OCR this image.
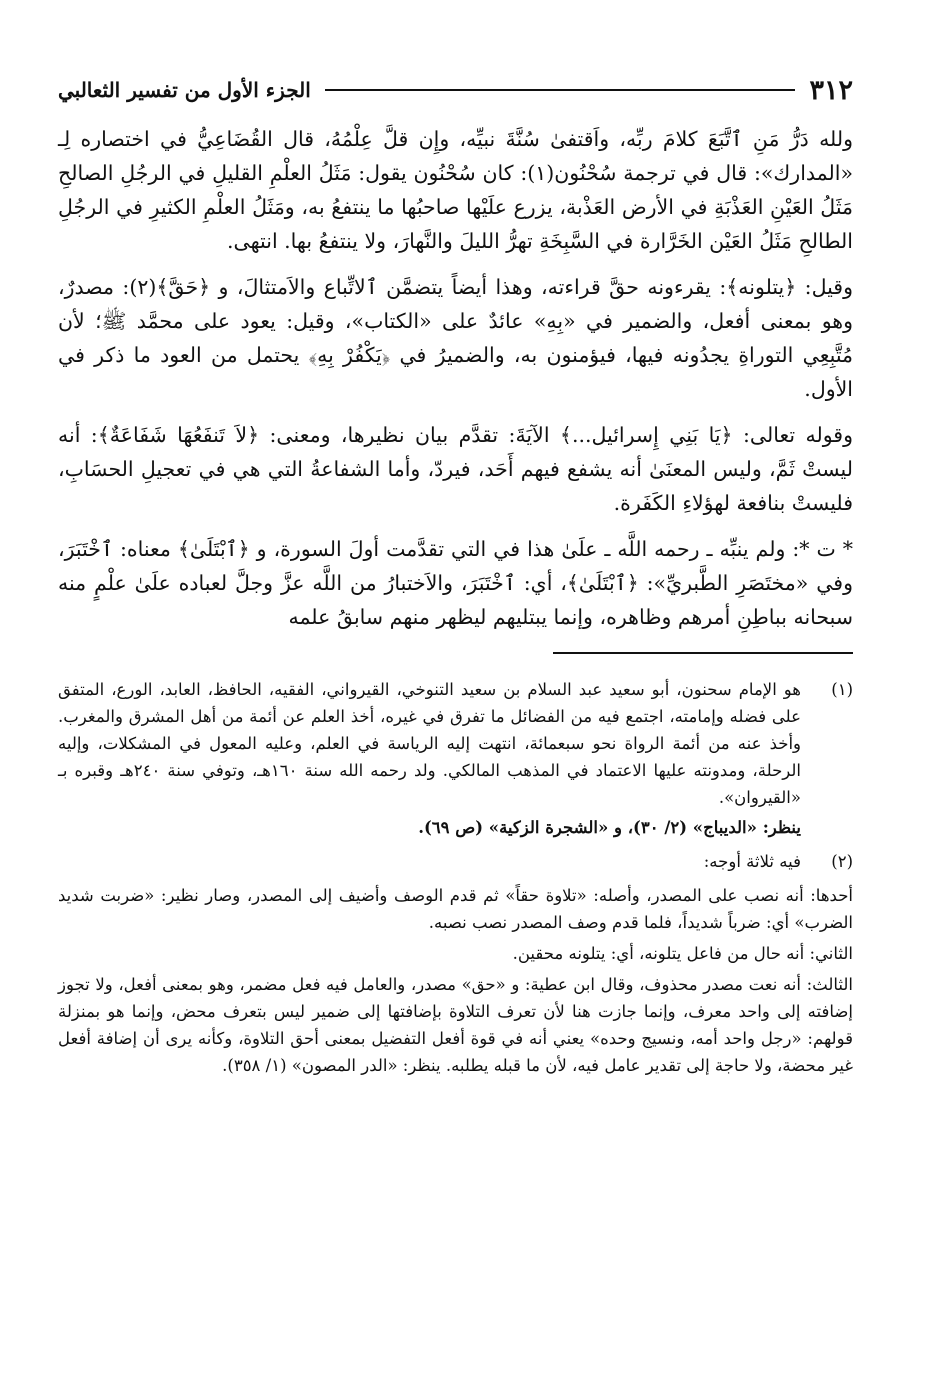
٣١٢
الجزء الأول من تفسير الثعالبي

ولله دَرُّ مَنِ ٱتَّبَعَ كلامَ ربِّه، واَقتفىٰ سُنَّةَ نبيِّه، وإِن قلَّ عِلْمُهُ، قال القُضَاعِيُّ في اختصاره لِـ «المدارك»: قال في ترجمة سُحْنُون(١): كان سُحْنُون يقول: مَثَلُ العلْمِ القليلِ في الرجُلِ الصالحِ مَثَلُ العَيْنِ العَذْبَةِ في الأرض العَذْبة، يزرع علَيْها صاحبُها ما ينتفعُ به، ومَثَلُ العلْمِ الكثيرِ في الرجُلِ الطالحِ مَثَلُ العَيْن الخَرَّارة في السَّبِخَةِ تهرُّ الليلَ والنَّهارَ، ولا ينتفعُ بها. انتهى.

وقيل: ﴿يتلونه﴾: يقرءونه حقَّ قراءته، وهذا أيضاً يتضمَّن ٱلاتِّباع والاَمتثالَ، و ﴿حَقَّ﴾(٢): مصدرٌ، وهو بمعنى أفعل، والضمير في «بِهِ» عائدٌ على «الكتاب»، وقيل: يعود على محمَّد ﷺ؛ لأن مُتَّبِعِي التوراةِ يجدُونه فيها، فيؤمنون به، والضميرُ في ﴿يَكْفُرْ بِهِ﴾ يحتمل من العود ما ذكر في الأول.

وقوله تعالى: ﴿يَا بَنِي إِسرائيل...﴾ الآيَةَ: تقدَّم بيان نظيرها، ومعنى: ﴿لاَ تَنفَعُهَا شَفَاعَةٌ﴾: أنه ليستْ ثَمَّ، وليس المعنَىٰ أنه يشفع فيهم أَحَد، فيردّ، وأما الشفاعةُ التي هي في تعجيلِ الحسَابِ، فليستْ بنافعة لهؤلاءِ الكَفَرة.

* ت *: ولم ينبِّه ـ رحمه اللَّه ـ علَىٰ هذا في التي تقدَّمت أولَ السورة، و ﴿ٱبْتَلَىٰ﴾ معناه: ٱخْتَبَرَ، وفي «مختَصَرِ الطَّبريِّ»: ﴿ٱبْتَلَىٰ﴾، أي: ٱخْتَبَرَ، والاَختبارُ من اللَّه عزَّ وجلَّ لعباده علَىٰ علْمٍ منه سبحانه بباطِنِ أمرهم وظاهره، وإنما يبتليهم ليظهر منهم سابقُ علمه

(١)

هو الإمام سحنون، أبو سعيد عبد السلام بن سعيد التنوخي، القيرواني، الفقيه، الحافظ، العابد، الورع، المتفق على فضله وإمامته، اجتمع فيه من الفضائل ما تفرق في غيره، أخذ العلم عن أئمة من أهل المشرق والمغرب. وأخذ عنه من أئمة الرواة نحو سبعمائة، انتهت إليه الرياسة في العلم، وعليه المعول في المشكلات، وإليه الرحلة، ومدونته عليها الاعتماد في المذهب المالكي. ولد رحمه الله سنة ١٦٠هـ، وتوفي سنة ٢٤٠هـ وقبره بـ «القيروان».

ينظر: «الديباج» (٢/ ٣٠)، و «الشجرة الزكية» (ص ٦٩).

(٢)

فيه ثلاثة أوجه:

أحدها: أنه نصب على المصدر، وأصله: «تلاوة حقاً» ثم قدم الوصف وأضيف إلى المصدر، وصار نظير: «ضربت شديد الضرب» أي: ضرباً شديداً، فلما قدم وصف المصدر نصب نصبه.

الثاني: أنه حال من فاعل يتلونه، أي: يتلونه محقين.

الثالث: أنه نعت مصدر محذوف، وقال ابن عطية: و «حق» مصدر، والعامل فيه فعل مضمر، وهو بمعنى أفعل، ولا تجوز إضافته إلى واحد معرف، وإنما جازت هنا لأن تعرف التلاوة بإضافتها إلى ضمير ليس بتعرف محض، وإنما هو بمنزلة قولهم: «رجل واحد أمه، ونسيج وحده» يعني أنه في قوة أفعل التفضيل بمعنى أحق التلاوة، وكأنه يرى أن إضافة أفعل غير محضة، ولا حاجة إلى تقدير عامل فيه، لأن ما قبله يطلبه. ينظر: «الدر المصون» (١/ ٣٥٨).
